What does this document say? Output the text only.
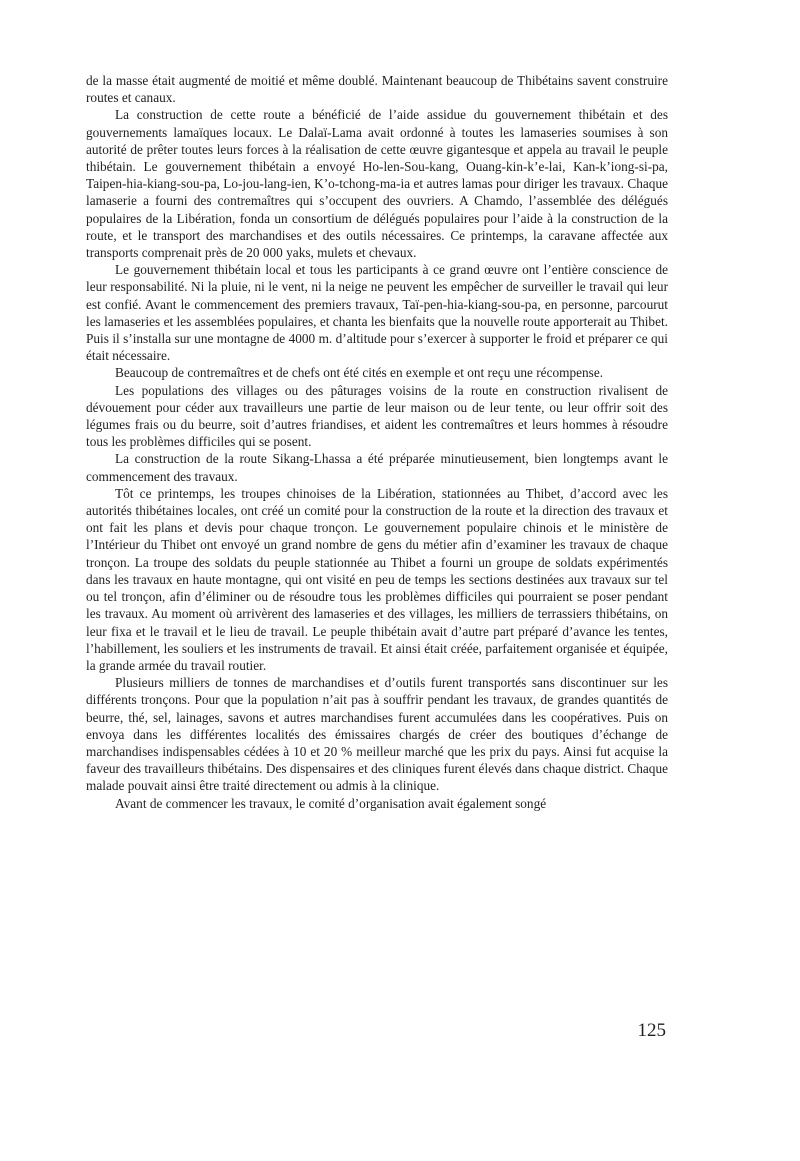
de la masse était augmenté de moitié et même doublé. Maintenant beaucoup de Thibétains savent construire routes et canaux.

La construction de cette route a bénéficié de l’aide assidue du gouvernement thibétain et des gouvernements lamaïques locaux. Le Dalaï-Lama avait ordonné à toutes les lamaseries soumises à son autorité de prêter toutes leurs forces à la réalisation de cette œuvre gigantesque et appela au travail le peuple thibétain. Le gouvernement thibétain a envoyé Ho-len-Sou-kang, Ouang-kin-k’e-lai, Kan-k’iong-si-pa, Taipen-hia-kiang-sou-pa, Lo-jou-lang-ien, K’o-tchong-ma-ia et autres lamas pour diriger les travaux. Chaque lamaserie a fourni des contremaîtres qui s’occupent des ouvriers. A Chamdo, l’assemblée des délégués populaires de la Libération, fonda un consortium de délégués populaires pour l’aide à la construction de la route, et le transport des marchandises et des outils nécessaires. Ce printemps, la caravane affectée aux transports comprenait près de 20 000 yaks, mulets et chevaux.

Le gouvernement thibétain local et tous les participants à ce grand œuvre ont l’entière conscience de leur responsabilité. Ni la pluie, ni le vent, ni la neige ne peuvent les empêcher de surveiller le travail qui leur est confié. Avant le commencement des premiers travaux, Taï-pen-hia-kiang-sou-pa, en personne, parcourut les lamaseries et les assemblées populaires, et chanta les bienfaits que la nouvelle route apporterait au Thibet. Puis il s’installa sur une montagne de 4000 m. d’altitude pour s’exercer à supporter le froid et préparer ce qui était nécessaire.

Beaucoup de contremaîtres et de chefs ont été cités en exemple et ont reçu une récompense.

Les populations des villages ou des pâturages voisins de la route en construction rivalisent de dévouement pour céder aux travailleurs une partie de leur maison ou de leur tente, ou leur offrir soit des légumes frais ou du beurre, soit d’autres friandises, et aident les contremaîtres et leurs hommes à résoudre tous les problèmes difficiles qui se posent.

La construction de la route Sikang-Lhassa a été préparée minutieusement, bien longtemps avant le commencement des travaux.

Tôt ce printemps, les troupes chinoises de la Libération, stationnées au Thibet, d’accord avec les autorités thibétaines locales, ont créé un comité pour la construction de la route et la direction des travaux et ont fait les plans et devis pour chaque tronçon. Le gouvernement populaire chinois et le ministère de l’Intérieur du Thibet ont envoyé un grand nombre de gens du métier afin d’examiner les travaux de chaque tronçon. La troupe des soldats du peuple stationnée au Thibet a fourni un groupe de soldats expérimentés dans les travaux en haute montagne, qui ont visité en peu de temps les sections destinées aux travaux sur tel ou tel tronçon, afin d’éliminer ou de résoudre tous les problèmes difficiles qui pourraient se poser pendant les travaux. Au moment où arrivèrent des lamaseries et des villages, les milliers de terrassiers thibétains, on leur fixa et le travail et le lieu de travail. Le peuple thibétain avait d’autre part préparé d’avance les tentes, l’habillement, les souliers et les instruments de travail. Et ainsi était créée, parfaitement organisée et équipée, la grande armée du travail routier.

Plusieurs milliers de tonnes de marchandises et d’outils furent transportés sans discontinuer sur les différents tronçons. Pour que la population n’ait pas à souffrir pendant les travaux, de grandes quantités de beurre, thé, sel, lainages, savons et autres marchandises furent accumulées dans les coopératives. Puis on envoya dans les différentes localités des émissaires chargés de créer des boutiques d’échange de marchandises indispensables cédées à 10 et 20 % meilleur marché que les prix du pays. Ainsi fut acquise la faveur des travailleurs thibétains. Des dispensaires et des cliniques furent élevés dans chaque district. Chaque malade pouvait ainsi être traité directement ou admis à la clinique.

Avant de commencer les travaux, le comité d’organisation avait également songé

125
